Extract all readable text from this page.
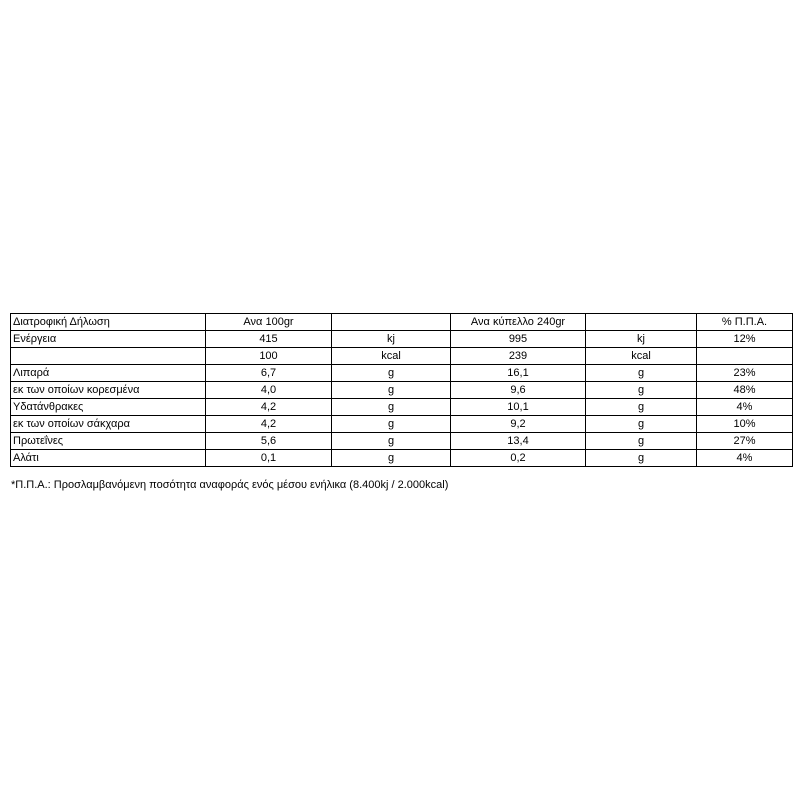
Διατροφική Δήλωση	Ανα 100gr		Ανα κύπελλο 240gr		% Π.Π.Α.
Ενέργεια	415	kj	995	kj	12%
	100	kcal	239	kcal	
Λιπαρά	6,7	g	16,1	g	23%
εκ των οποίων κορεσμένα	4,0	g	9,6	g	48%
Υδατάνθρακες	4,2	g	10,1	g	4%
εκ των οποίων σάκχαρα	4,2	g	9,2	g	10%
Πρωτεΐνες	5,6	g	13,4	g	27%
Αλάτι	0,1	g	0,2	g	4%
*Π.Π.Α.: Προσλαμβανόμενη ποσότητα αναφοράς ενός μέσου ενήλικα (8.400kj / 2.000kcal)
